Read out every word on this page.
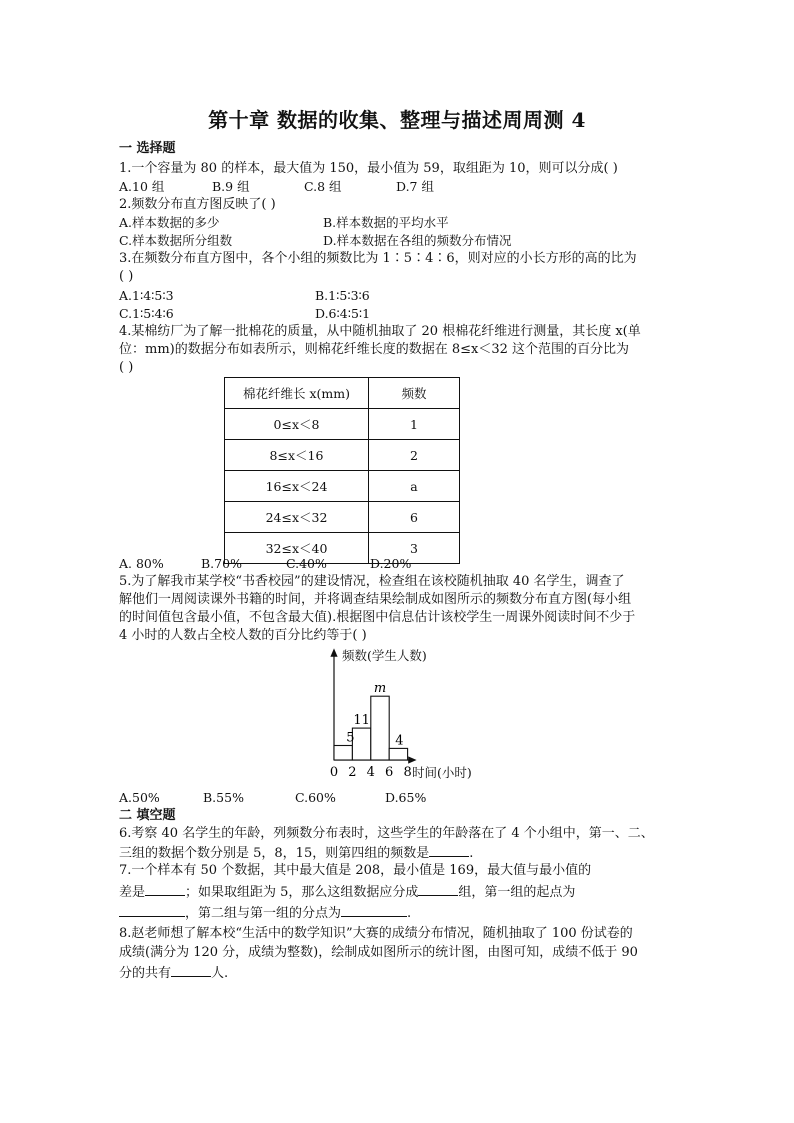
第十章 数据的收集、整理与描述周周测 4
一 选择题
1.一个容量为 80 的样本，最大值为 150，最小值为 59，取组距为 10，则可以分成( )
A.10 组	B.9 组	C.8 组	D.7 组
2.频数分布直方图反映了( )
A.样本数据的多少	B.样本数据的平均水平
C.样本数据所分组数	D.样本数据在各组的频数分布情况
3.在频数分布直方图中，各个小组的频数比为 1∶5∶4∶6，则对应的小长方形的高的比为
( )
A.1∶4∶5∶3	B.1∶5∶3∶6
C.1∶5∶4∶6	D.6∶4∶5∶1
4.某棉纺厂为了解一批棉花的质量，从中随机抽取了 20 根棉花纤维进行测量，其长度 x(单
位：mm)的数据分布如表所示，则棉花纤维长度的数据在 8≤x＜32 这个范围的百分比为
( )
棉花纤维长 x(mm)	频数
0≤x＜8	1
8≤x＜16	2
16≤x＜24	a
24≤x＜32	6
32≤x＜40	3
A. 80%	B.70%	C.40%	D.20%
5.为了解我市某学校“书香校园”的建设情况，检查组在该校随机抽取 40 名学生，调查了
解他们一周阅读课外书籍的时间，并将调查结果绘制成如图所示的频数分布直方图(每小组
的时间值包含最小值，不包含最大值).根据图中信息估计该校学生一周课外阅读时间不少于
4 小时的人数占全校人数的百分比约等于( )
频数(学生人数)
时间(小时)
5
11
m
4
0 2 4 6 8
A.50%	B.55%	C.60%	D.65%
二 填空题
6.考察 40 名学生的年龄，列频数分布表时，这些学生的年龄落在了 4 个小组中，第一、二、
三组的数据个数分别是 5，8，15，则第四组的频数是	.
7.一个样本有 50 个数据，其中最大值是 208，最小值是 169，最大值与最小值的
差是	；如果取组距为 5，那么这组数据应分成	组，第一组的起点为
，第二组与第一组的分点为	.
8.赵老师想了解本校“生活中的数学知识”大赛的成绩分布情况，随机抽取了 100 份试卷的
成绩(满分为 120 分，成绩为整数)，绘制成如图所示的统计图，由图可知，成绩不低于 90
分的共有	人.
